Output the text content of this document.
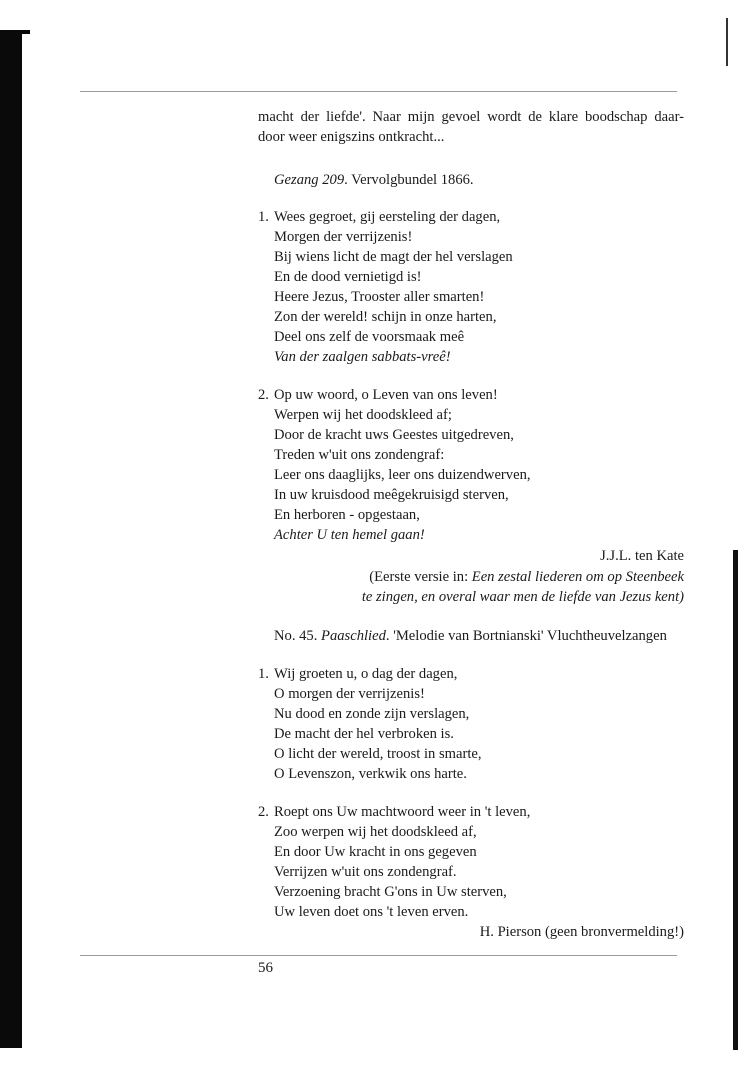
macht der liefde'. Naar mijn gevoel wordt de klare boodschap daar-
door weer enigszins ontkracht...
Gezang 209. Vervolgbundel 1866.
1. Wees gegroet, gij eersteling der dagen,
Morgen der verrijzenis!
Bij wiens licht de magt der hel verslagen
En de dood vernietigd is!
Heere Jezus, Trooster aller smarten!
Zon der wereld! schijn in onze harten,
Deel ons zelf de voorsmaak meê
Van der zaalgen sabbats-vreê!
2. Op uw woord, o Leven van ons leven!
Werpen wij het doodskleed af;
Door de kracht uws Geestes uitgedreven,
Treden w'uit ons zondengraf:
Leer ons daaglijks, leer ons duizendwerven,
In uw kruisdood meêgekruisigd sterven,
En herboren - opgestaan,
Achter U ten hemel gaan!
J.J.L. ten Kate
(Eerste versie in: Een zestal liederen om op Steenbeek
te zingen, en overal waar men de liefde van Jezus kent)
No. 45. Paaschlied. 'Melodie van Bortnianski' Vluchtheuvelzangen
1. Wij groeten u, o dag der dagen,
O morgen der verrijzenis!
Nu dood en zonde zijn verslagen,
De macht der hel verbroken is.
O licht der wereld, troost in smarte,
O Levenszon, verkwik ons harte.
2. Roept ons Uw machtwoord weer in 't leven,
Zoo werpen wij het doodskleed af,
En door Uw kracht in ons gegeven
Verrijzen w'uit ons zondengraf.
Verzoening bracht G'ons in Uw sterven,
Uw leven doet ons 't leven erven.
H. Pierson (geen bronvermelding!)
56
